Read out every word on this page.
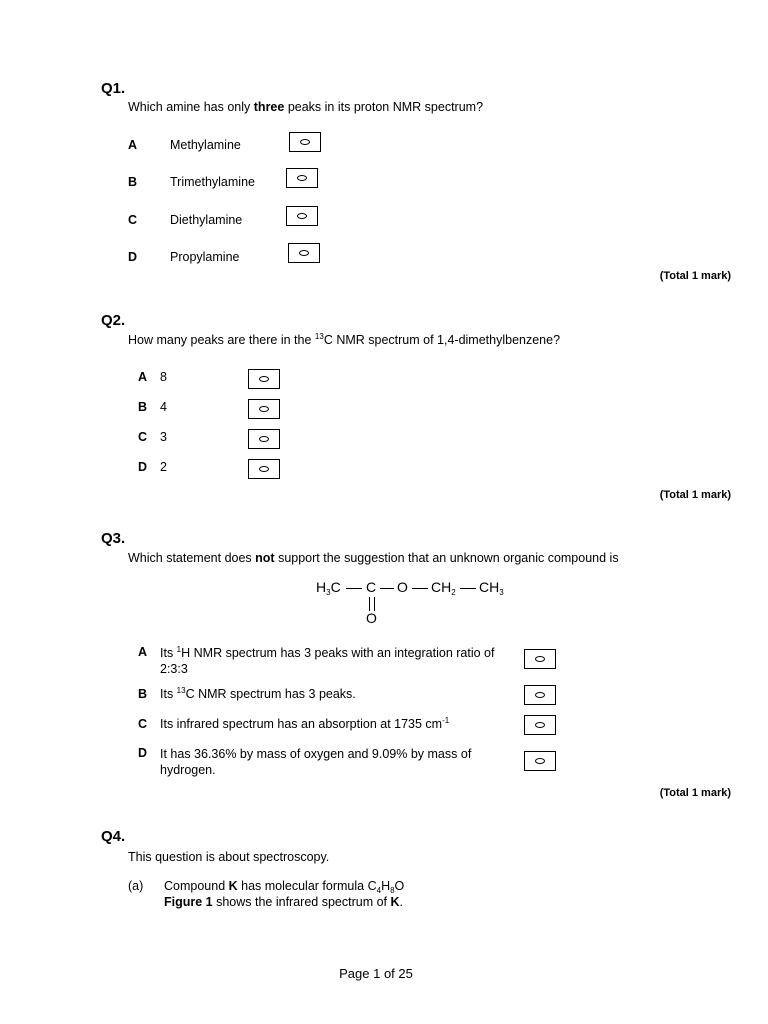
Q1.
Which amine has only three peaks in its proton NMR spectrum?
A	Methylamine
B	Trimethylamine
C	Diethylamine
D	Propylamine
(Total 1 mark)
Q2.
How many peaks are there in the $^{13}$C NMR spectrum of 1,4-dimethylbenzene?
A 8
B 4
C 3
D 2
(Total 1 mark)
Q3.
Which statement does not support the suggestion that an unknown organic compound is
$H_3C$ C O $CH_2$ $CH_3$
O
A Its $^1$H NMR spectrum has 3 peaks with an integration ratio of 2:3:3
B Its $^{13}$C NMR spectrum has 3 peaks.
C Its infrared spectrum has an absorption at 1735 $cm^{-1}$
D It has 36.36% by mass of oxygen and 9.09% by mass of hydrogen.
(Total 1 mark)
Q4.
This question is about spectroscopy.
(a) Compound K has molecular formula $C_4H_8O$
Figure 1 shows the infrared spectrum of K.
Page 1 of 25
